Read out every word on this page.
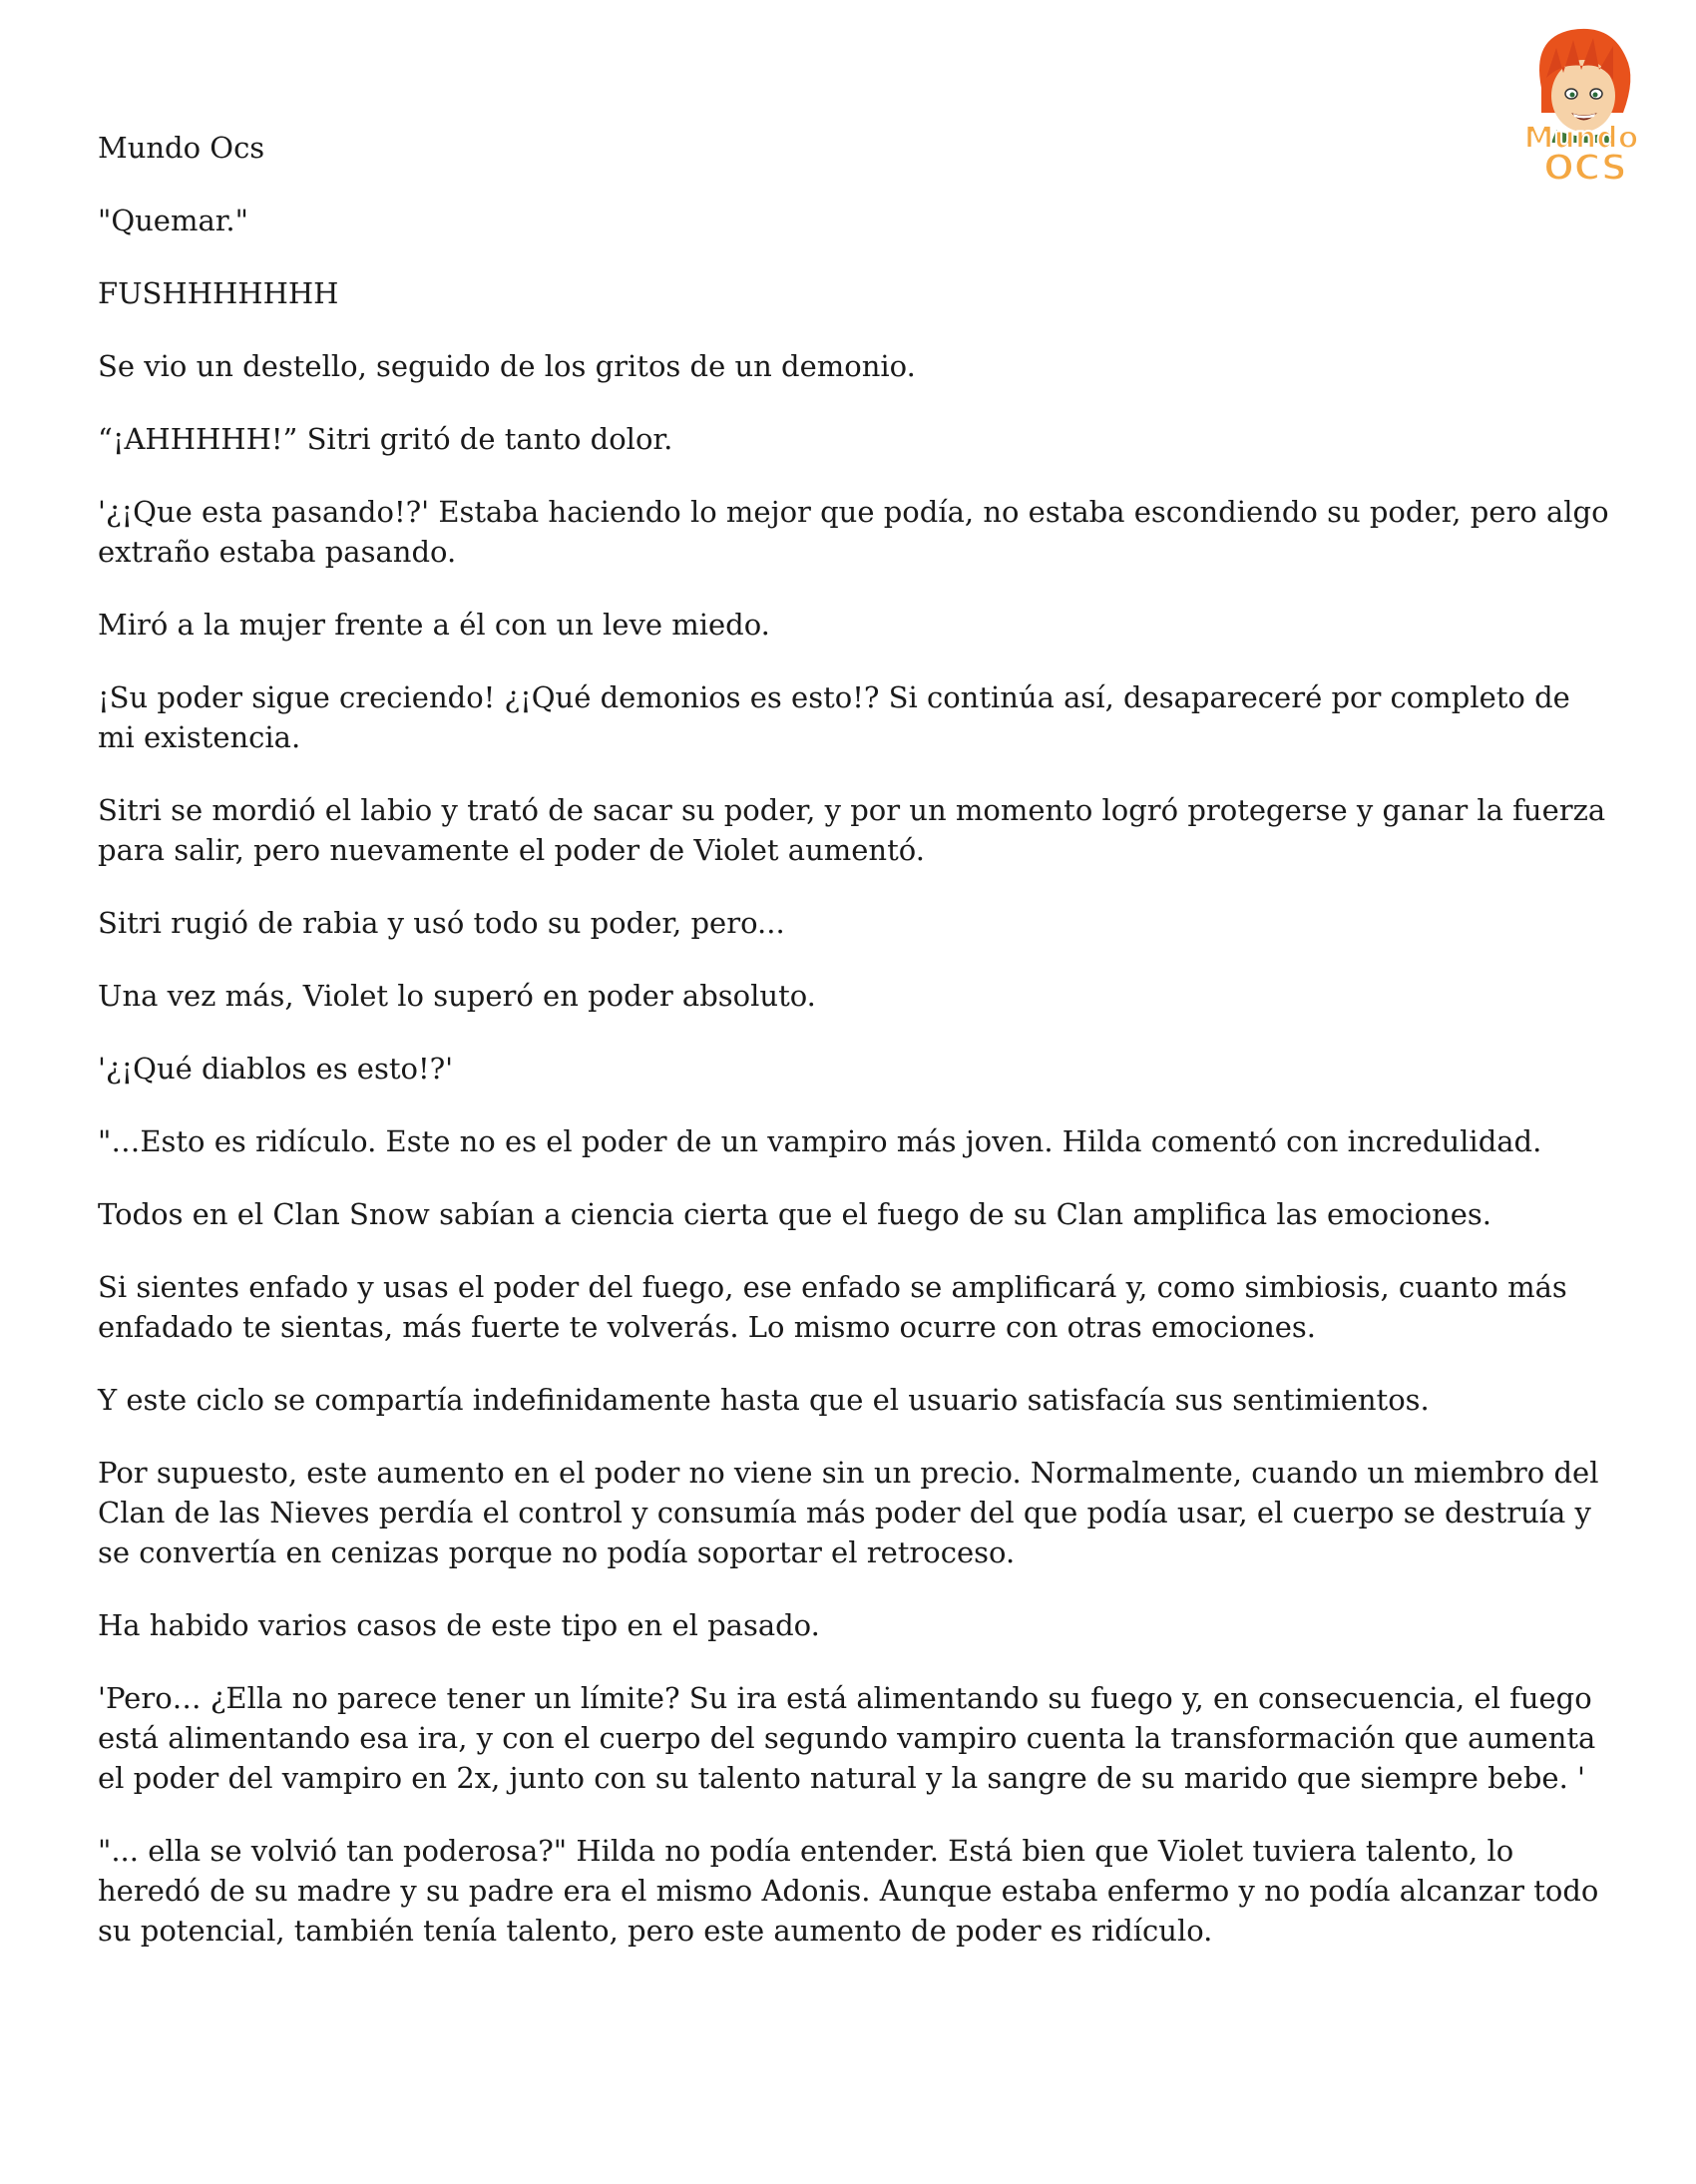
Mundo
OCS

Mundo Ocs

"Quemar."

FUSHHHHHHH

Se vio un destello, seguido de los gritos de un demonio.

“¡AHHHHH!” Sitri gritó de tanto dolor.

'¿¡Que esta pasando!?' Estaba haciendo lo mejor que podía, no estaba escondiendo su poder, pero algo extraño estaba pasando.

Miró a la mujer frente a él con un leve miedo.

¡Su poder sigue creciendo! ¿¡Qué demonios es esto!? Si continúa así, desapareceré por completo de mi existencia.

Sitri se mordió el labio y trató de sacar su poder, y por un momento logró protegerse y ganar la fuerza para salir, pero nuevamente el poder de Violet aumentó.

Sitri rugió de rabia y usó todo su poder, pero...

Una vez más, Violet lo superó en poder absoluto.

'¿¡Qué diablos es esto!?'

"…Esto es ridículo. Este no es el poder de un vampiro más joven. Hilda comentó con incredulidad.

Todos en el Clan Snow sabían a ciencia cierta que el fuego de su Clan amplifica las emociones.

Si sientes enfado y usas el poder del fuego, ese enfado se amplificará y, como simbiosis, cuanto más enfadado te sientas, más fuerte te volverás. Lo mismo ocurre con otras emociones.

Y este ciclo se compartía indefinidamente hasta que el usuario satisfacía sus sentimientos.

Por supuesto, este aumento en el poder no viene sin un precio. Normalmente, cuando un miembro del Clan de las Nieves perdía el control y consumía más poder del que podía usar, el cuerpo se destruía y se convertía en cenizas porque no podía soportar el retroceso.

Ha habido varios casos de este tipo en el pasado.

'Pero… ¿Ella no parece tener un límite? Su ira está alimentando su fuego y, en consecuencia, el fuego está alimentando esa ira, y con el cuerpo del segundo vampiro cuenta la transformación que aumenta el poder del vampiro en 2x, junto con su talento natural y la sangre de su marido que siempre bebe. '

"... ella se volvió tan poderosa?" Hilda no podía entender. Está bien que Violet tuviera talento, lo heredó de su madre y su padre era el mismo Adonis. Aunque estaba enfermo y no podía alcanzar todo su potencial, también tenía talento, pero este aumento de poder es ridículo.
